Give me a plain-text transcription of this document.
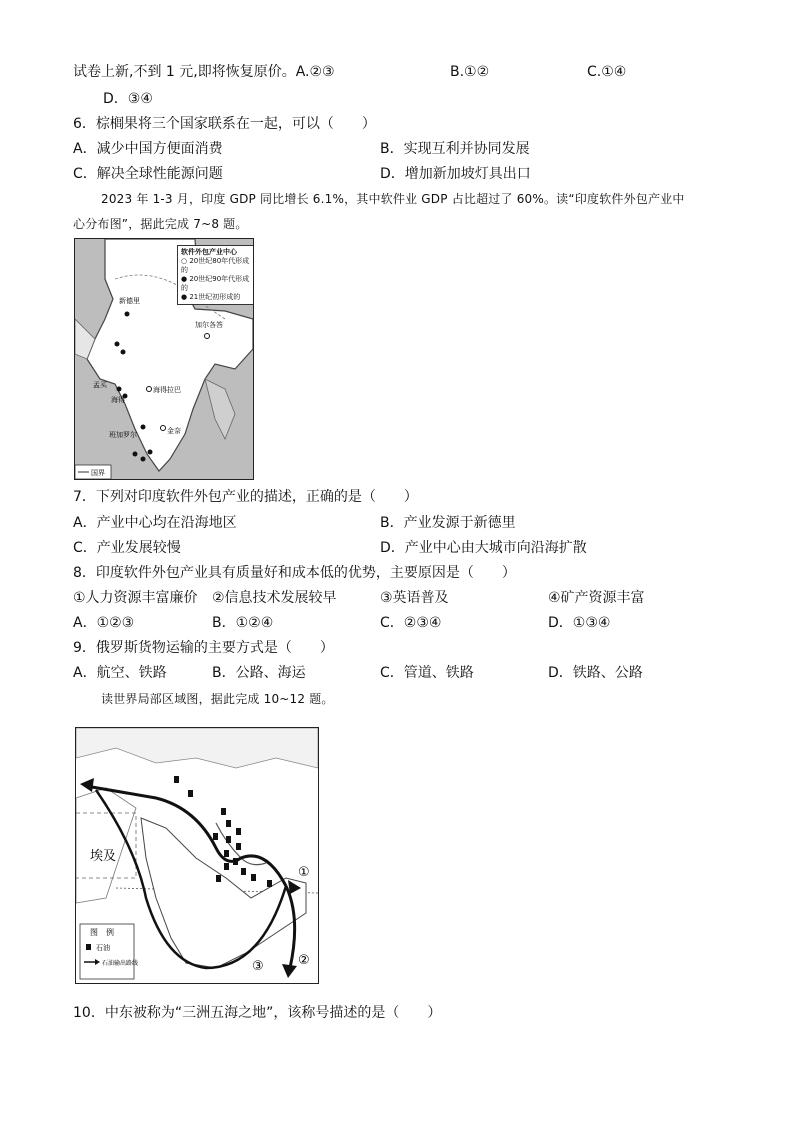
试卷上新,不到 1 元,即将恢复原价。A.②③	B.①②	C.①④
D．③④
6．棕榈果将三个国家联系在一起，可以（　　）
A．减少中国方便面消费	B．实现互利并协同发展
C．解决全球性能源问题	D．增加新加坡灯具出口
2023 年 1-3 月，印度 GDP 同比增长 6.1%，其中软件业 GDP 占比超过了 60%。读“印度软件外包产业中
心分布图”，据此完成 7~8 题。
新德里
加尔各答
孟买
海得
海得拉巴
班加罗尔	金奈
国界
软件外包产业中心
○ 20世纪80年代形成的
● 20世纪90年代形成的
● 21世纪初形成的
7．下列对印度软件外包产业的描述，正确的是（　　）
A．产业中心均在沿海地区	B．产业发源于新德里
C．产业发展较慢	D．产业中心由大城市向沿海扩散
8．印度软件外包产业具有质量好和成本低的优势，主要原因是（　　）
①人力资源丰富廉价 ②信息技术发展较早	③英语普及	④矿产资源丰富
A．①②③	B．①②④	C．②③④	D．①③④
9．俄罗斯货物运输的主要方式是（　　）
A．航空、铁路	B．公路、海运	C．管道、铁路	D．铁路、公路
读世界局部区域图，据此完成 10~12 题。
①
②
③
埃及
图　例
石油
石油输出路线
10．中东被称为“三洲五海之地”，该称号描述的是（　　）
